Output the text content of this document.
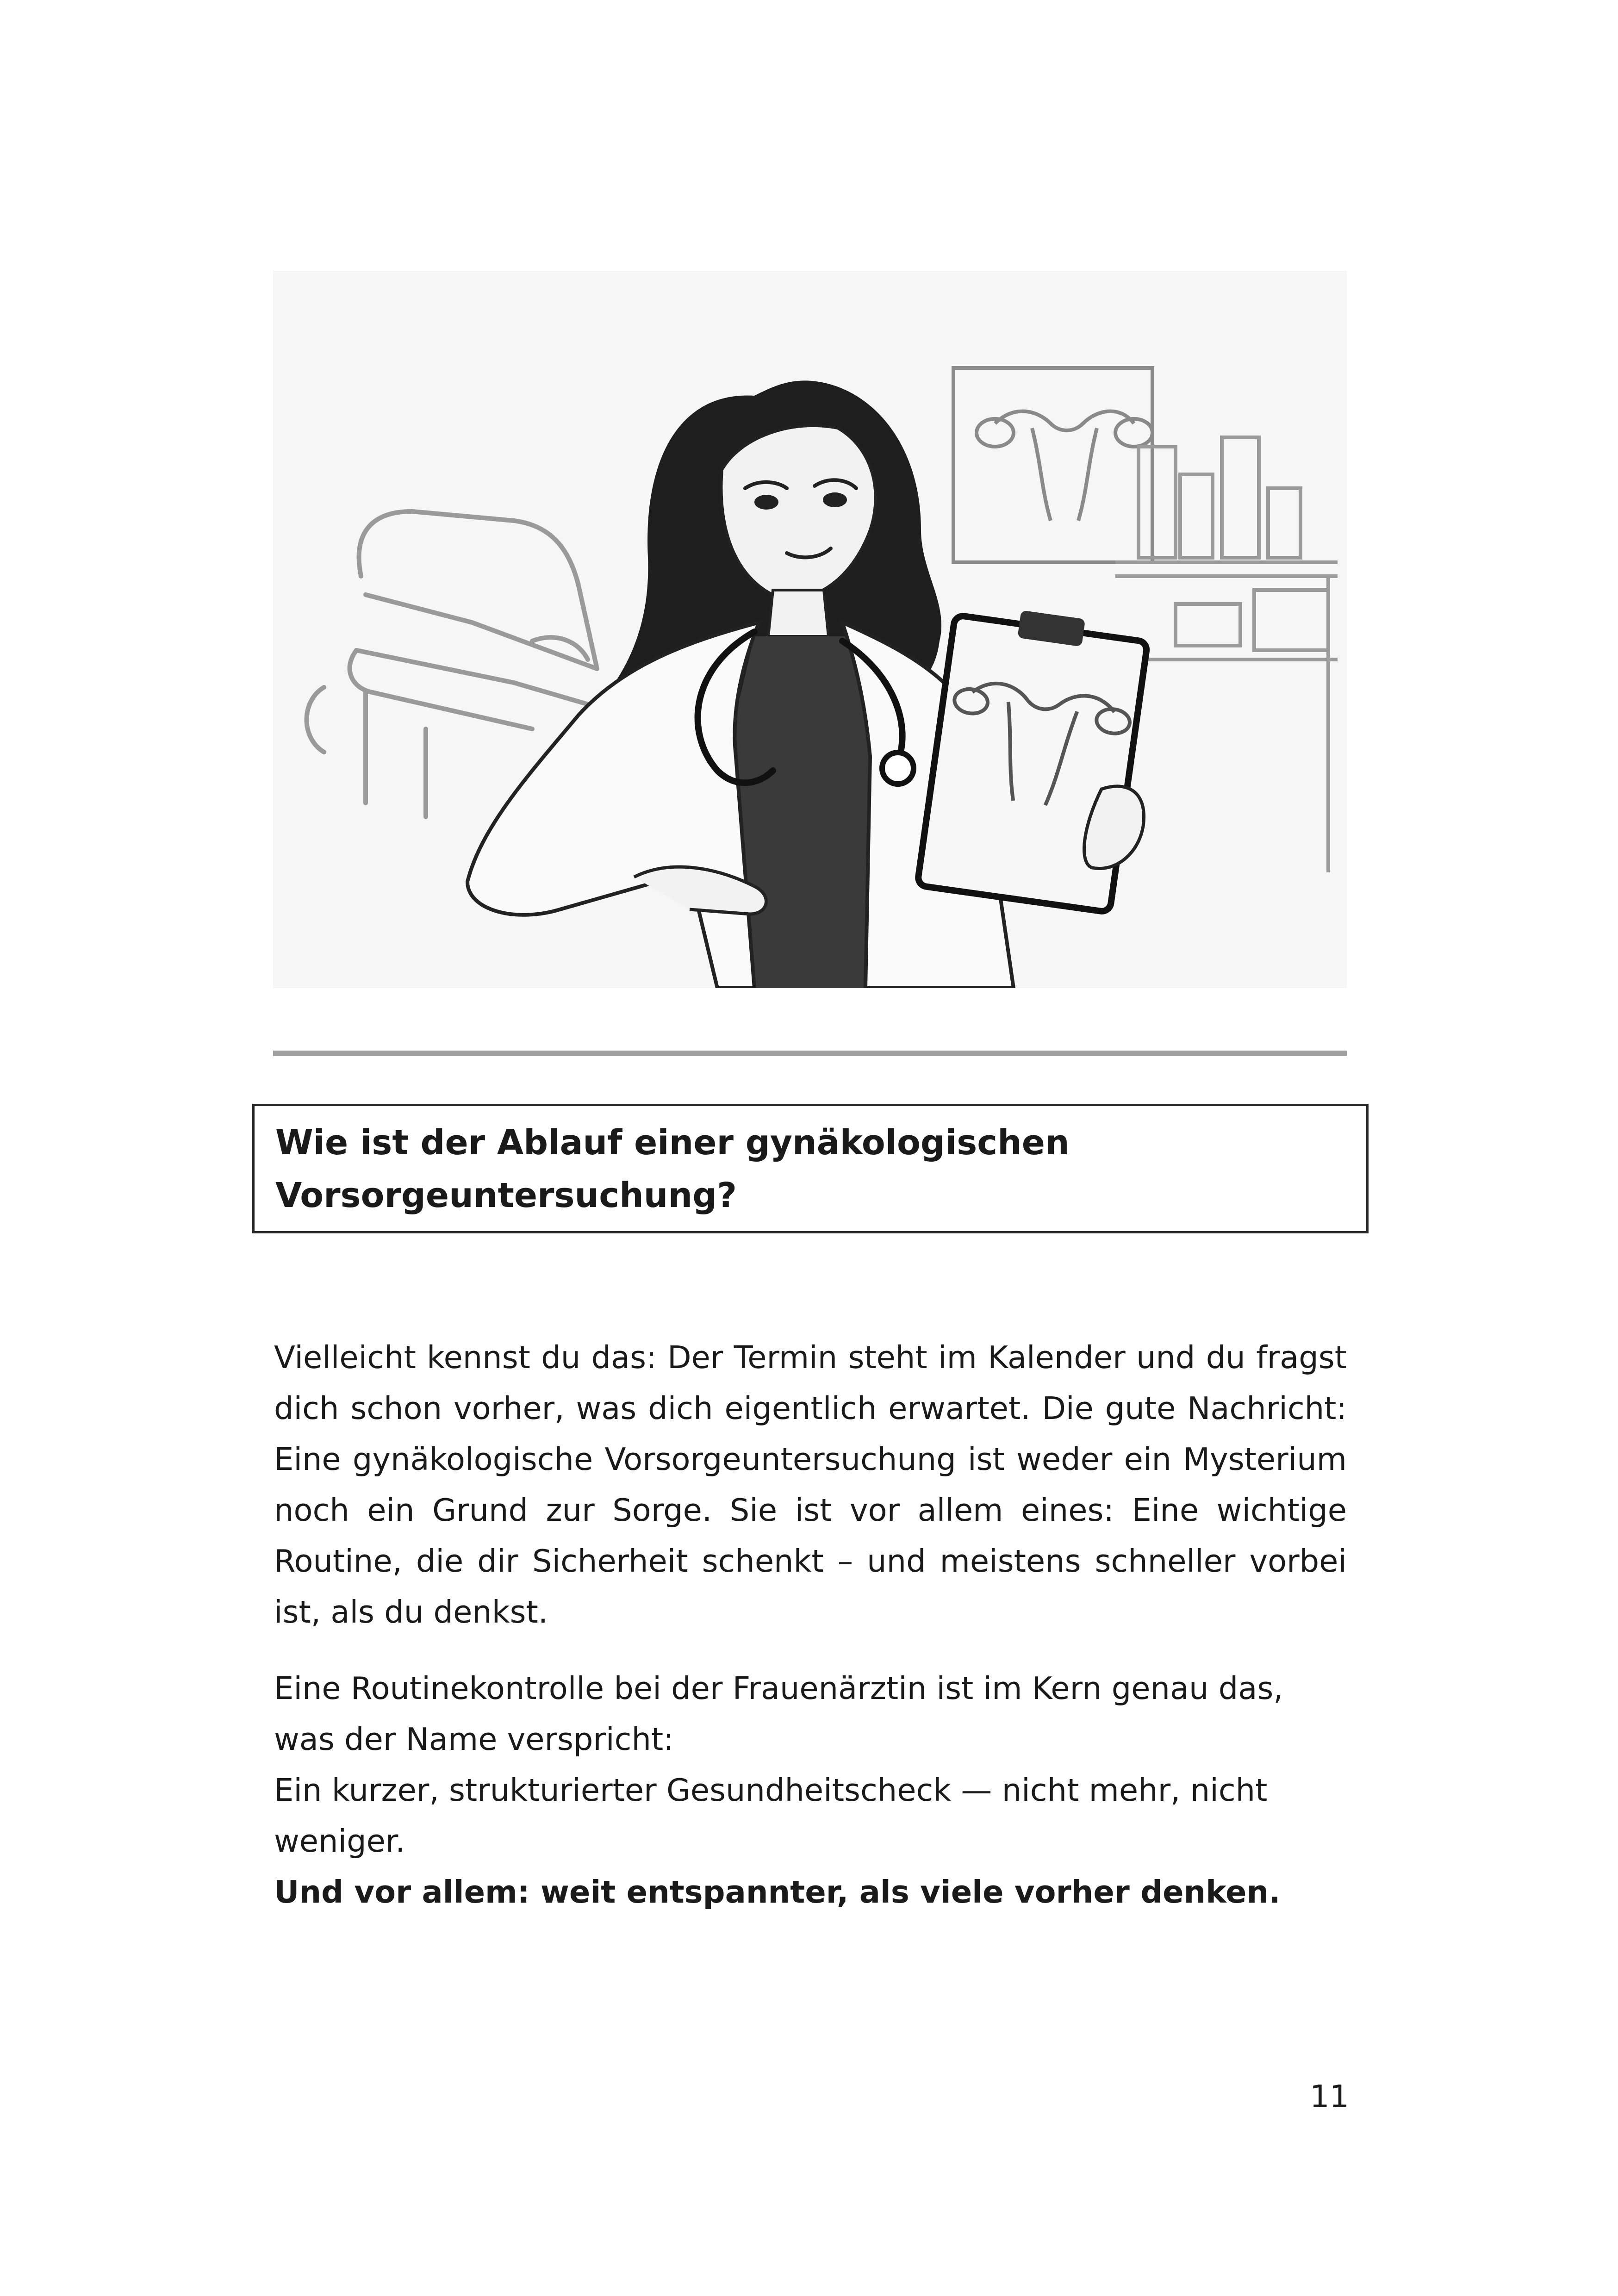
Wie ist der Ablauf einer gynäkologischen
Vorsorgeuntersuchung?

Vielleicht kennst du das: Der Termin steht im Kalender und du fragst dich schon vorher, was dich eigentlich erwartet. Die gute Nachricht: Eine gynäkologische Vorsorgeuntersuchung ist weder ein Mysterium noch ein Grund zur Sorge. Sie ist vor allem eines: Eine wichtige Routine, die dir Sicherheit schenkt – und meistens schneller vorbei ist, als du denkst.

Eine Routinekontrolle bei der Frauenärztin ist im Kern genau das,
was der Name verspricht:
Ein kurzer, strukturierter Gesundheitscheck — nicht mehr, nicht
weniger.
Und vor allem: weit entspannter, als viele vorher denken.

11
